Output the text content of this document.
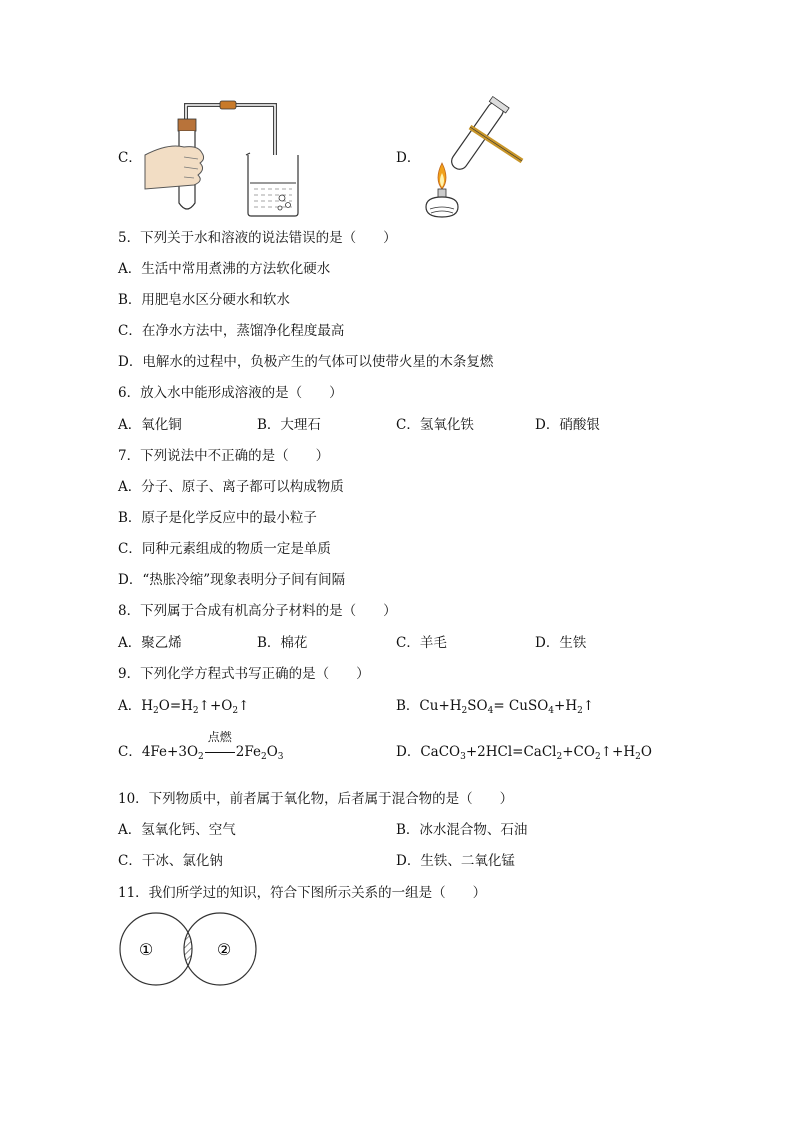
C．	D．
5．下列关于水和溶液的说法错误的是（　　）
A．生活中常用煮沸的方法软化硬水
B．用肥皂水区分硬水和软水
C．在净水方法中，蒸馏净化程度最高
D．电解水的过程中，负极产生的气体可以使带火星的木条复燃
6．放入水中能形成溶液的是（　　）
A．氧化铜	B．大理石	C．氢氧化铁	D．硝酸银
7．下列说法中不正确的是（　　）
A．分子、原子、离子都可以构成物质
B．原子是化学反应中的最小粒子
C．同种元素组成的物质一定是单质
D．“热胀冷缩”现象表明分子间有间隔
8．下列属于合成有机高分子材料的是（　　）
A．聚乙烯	B．棉花	C．羊毛	D．生铁
9．下列化学方程式书写正确的是（　　）
A．$H_2O=H_2↑+O_2↑$	B．$Cu+H_2SO_4=$ $CuSO_4+H_2↑$
C．$4Fe+3O_2$
点燃
$2Fe_2O_3$	D．$CaCO_3+2HCl=CaCl_2+CO_2↑+H_2O$
10．下列物质中，前者属于氧化物，后者属于混合物的是（　　）
A．氢氧化钙、空气	B．冰水混合物、石油
C．干冰、氯化钠	D．生铁、二氧化锰
11．我们所学过的知识，符合下图所示关系的一组是（　　）
①	②
